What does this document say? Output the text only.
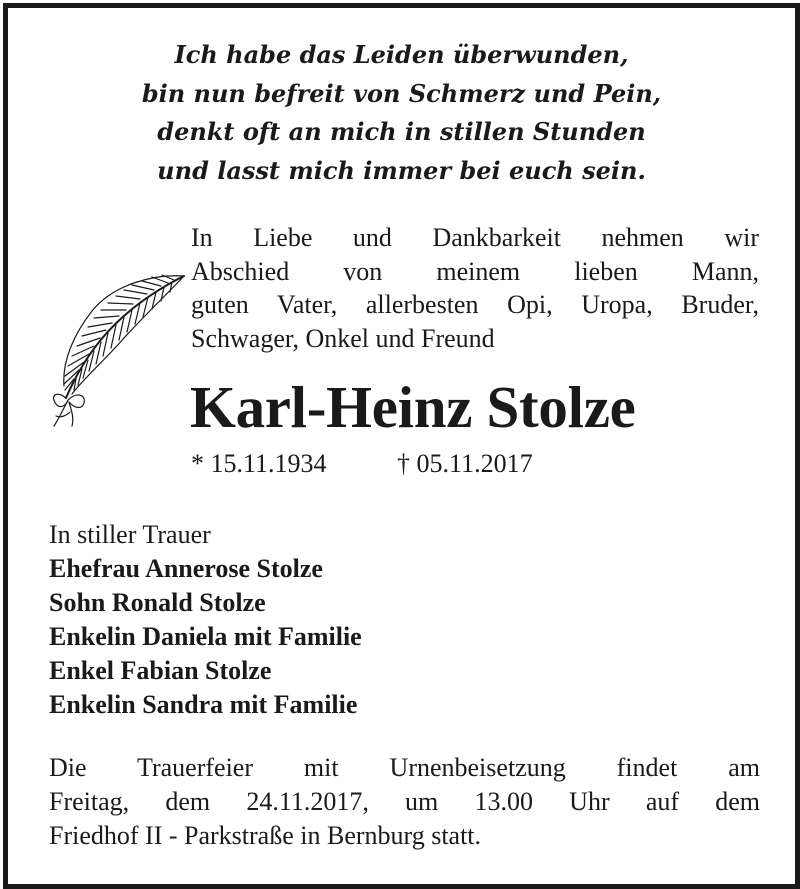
Ich habe das Leiden überwunden,
bin nun befreit von Schmerz und Pein,
denkt oft an mich in stillen Stunden
und lasst mich immer bei euch sein.
In Liebe und Dankbarkeit nehmen wir
Abschied von meinem lieben Mann,
guten Vater, allerbesten Opi, Uropa, Bruder,
Schwager, Onkel und Freund
Karl-Heinz Stolze
* 15.11.1934	† 05.11.2017
In stiller Trauer
Ehefrau Annerose Stolze
Sohn Ronald Stolze
Enkelin Daniela mit Familie
Enkel Fabian Stolze
Enkelin Sandra mit Familie
Die Trauerfeier mit Urnenbeisetzung findet am
Freitag, dem 24.11.2017, um 13.00 Uhr auf dem
Friedhof II - Parkstraße in Bernburg statt.
